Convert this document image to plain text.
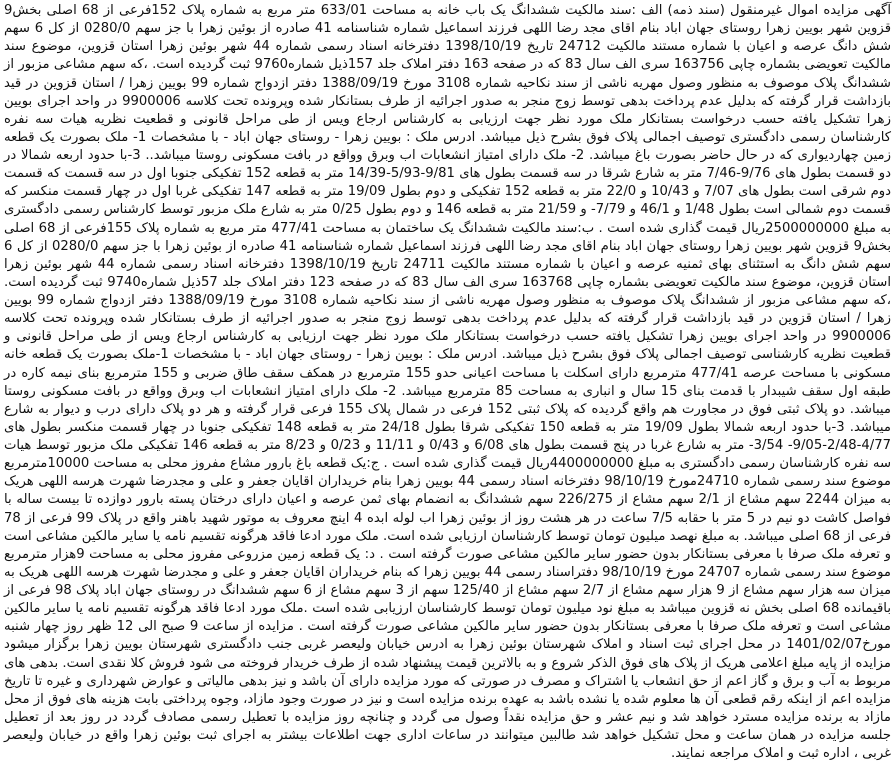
آگهی مزایده اموال غیرمنقول (سند ذمه) الف :سند مالکیت ششدانگ یک باب خانه به مساحت 633/01 متر مربع به شماره پلاک 152فرعی از 68 اصلی بخش9 قزوین شهر بویین زهرا روستای جهان اباد بنام اقای مجد رضا اللهی فرزند اسماعیل شماره شناسنامه 41 صادره از بوئین زهرا با جز سهم 0280/0 از کل 6 سهم شش دانگ عرصه و اعیان با شماره مستند مالکیت 24712 تاریخ 1398/10/19 دفترخانه اسناد رسمی شماره 44 شهر بوئین زهرا استان قزوین، موضوع سند مالکیت تعویضی بشماره چاپی 163756 سری الف سال 83 که در صفحه 163 دفتر املاک جلد 157ذیل شماره9760 ثبت گردیده است. ،که سهم مشاعی مزبور از ششدانگ پلاک موصوف به منظور وصول مهریه ناشی از سند نکاحیه شماره 3108 مورخ 1388/09/19 دفتر ازدواج شماره 99 بویین زهرا / استان قزوین در قید بازداشت قرار گرفته که بدلیل عدم پرداخت بدهی توسط زوج منجر به صدور اجرائیه از طرف بستانکار شده وپرونده تحت کلاسه 9900006 در واحد اجرای بویین زهرا تشکیل یافته حسب درخواست بستانکار ملک مورد نظر جهت ارزیابی به کارشناس ارجاع ویس از طی مراحل قانونی و قطعیت نظریه هیات سه نفره کارشناسان رسمی دادگستری توصیف اجمالی پلاک فوق بشرح ذیل میباشد. ادرس ملک : بویین زهرا - روستای جهان اباد - با مشخصات 1- ملک بصورت یک قطعه زمین چهاردیواری که در حال حاضر بصورت باغ میباشد. 2- ملک دارای امتیاز انشعابات اب وبرق وواقع در بافت مسکونی روستا میباشد.. 3-با حدود اربعه شمالا در دو قسمت بطول های 9/76-7/46 متر به شارع شرقا در سه قسمت بطول های 9/81-5/93-14/39 متر به قطعه 152 تفکیکی جنوبا اول در سه قسمت که قسمت دوم شرقی است بطول های 7/07 و 10/43 و 22/0 متر به قطعه 152 تفکیکی و دوم بطول 19/09 متر به قطعه 147 تفکیکی غربا اول در چهار قسمت منکسر که قسمت دوم شمالی است بطول 1/48 و 46/1 و 7/79- و 21/59 متر به قطعه 146 و دوم بطول 0/25 متر به شارع ملک مزبور توسط کارشناس رسمی دادگستری به مبلغ 2500000000ریال قیمت گذاری شده است . ب:سند مالکیت ششدانگ یک ساختمان به مساحت 477/41 متر مربع به شماره پلاک 155فرعی از 68 اصلی بخش9 قزوین شهر بویین زهرا روستای جهان اباد بنام اقای مجد رضا اللهی فرزند اسماعیل شماره شناسنامه 41 صادره از بوئین زهرا با جز سهم 0280/0 از کل 6 سهم شش دانگ به استثنای بهای ثمنیه عرصه و اعیان با شماره مستند مالکیت 24711 تاریخ 1398/10/19 دفترخانه اسناد رسمی شماره 44 شهر بوئین زهرا استان قزوین، موضوع سند مالکیت تعویضی بشماره چاپی 163768 سری الف سال 83 که در صفحه 123 دفتر املاک جلد 57ذیل شماره9740 ثبت گردیده است. ،که سهم مشاعی مزبور از ششدانگ پلاک موصوف به منظور وصول مهریه ناشی از سند نکاحیه شماره 3108 مورخ 1388/09/19 دفتر ازدواج شماره 99 بویین زهرا / استان قزوین در قید بازداشت قرار گرفته که بدلیل عدم پرداخت بدهی توسط زوج منجر به صدور اجرائیه از طرف بستانکار شده وپرونده تحت کلاسه 9900006 در واحد اجرای بویین زهرا تشکیل یافته حسب درخواست بستانکار ملک مورد نظر جهت ارزیابی به کارشناس ارجاع ویس از طی مراحل قانونی و قطعیت نظریه کارشناسی توصیف اجمالی پلاک فوق بشرح ذیل میباشد. ادرس ملک : بویین زهرا - روستای جهان اباد - با مشخصات 1-ملک بصورت یک قطعه خانه مسکونی با مساحت عرصه 477/41 مترمربع دارای اسکلت با مساحت اعیانی حدو 155 مترمربع در همکف سقف طاق ضربی و 155 مترمربع بنای نیمه کاره در طبقه اول سقف شیبدار با قدمت بنای 15 سال و انباری به مساحت 85 مترمربع میباشد. 2- ملک دارای امتیاز انشعابات اب وبرق وواقع در بافت مسکونی روستا میباشد. دو پلاک ثبتی فوق در مجاورت هم واقع گردیده که پلاک ثبتی 152 فرعی در شمال پلاک 155 فرعی قرار گرفته و هر دو پلاک دارای درب و دیوار به شارع میباشد. 3-با حدود اربعه شمالا بطول 19/09 متر به قطعه 150 تفکیکی شرقا بطول 24/18 متر به قطعه 148 تفکیکی جنوبا در چهار قسمت منکسر بطول های 4/77-2/48-9/05- 3/54- متر به شارع غربا در پنج قسمت بطول های 6/08 و 0/43 و 11/11 و 0/23 و 8/23 متر به قطعه 146 تفکیکی ملک مزبور توسط هیات سه نفره کارشناسان رسمی دادگستری به مبلغ 4400000000ریال قیمت گذاری شده است . ج:یک قطعه باغ بارور مشاع مفروز محلی به مساحت 10000مترمربع موضوع سند رسمی شماره 24710مورخ 98/10/19 دفترخانه اسناد رسمی 44 بویین زهرا بنام خریداران اقایان جعفر و علی و مجدرضا شهرت هرسه اللهی هریک به میزان 2244 سهم مشاع از 2/1 سهم مشاع از 226/275 سهم ششدانگ به انضمام بهای ثمن عرصه و اعیان دارای درختان پسته بارور دوازده تا بیست ساله با فواصل کاشت دو نیم در 5 متر با حقابه 7/5 ساعت در هر هشت روز از بوئین زهرا اب لوله ابده 4 اینچ معروف به موتور شهید باهنر واقع در پلاک 99 فرعی از 78 فرعی از 68 اصلی میباشد. به مبلغ نهصد میلیون تومان توسط کارشناسان ارزیابی شده است. ملک مورد ادعا فاقد هرگونه تقسیم نامه یا سایر مالکین مشاعی است و تعرفه ملک صرفا با معرفی بستانکار بدون حضور سایر مالکین مشاعی صورت گرفته است . د: یک قطعه زمین مزروعی مفروز محلی به مساحت 9هزار مترمربع موضوع سند رسمی شماره 24707 مورخ 98/10/19 دفتراسناد رسمی 44 بویین زهرا که بنام خریداران اقایان جعفر و علی و مجدرضا شهرت هرسه اللهی هریک به میزان سه هزار سهم مشاع از 9 هزار سهم مشاع از 2/7 سهم مشاع از 125/40 سهم از 3 سهم مشاع از 6 سهم ششدانگ در روستای جهان اباد پلاک 98 فرعی از باقیمانده 68 اصلی بخش نه قزوین میباشد به مبلغ نود میلیون تومان توسط کارشناسان ارزیابی شده است .ملک مورد ادعا فاقد هرگونه تقسیم نامه یا سایر مالکین مشاعی است و تعرفه ملک صرفا با معرفی بستانکار بدون حضور سایر مالکین مشاعی صورت گرفته است . مزایده از ساعت 9 صبح الی 12 ظهر روز چهار شنبه مورخ1401/02/07 در محل اجرای ثبت اسناد و املاک شهرستان بوئین زهرا به ادرس خیابان ولیعصر غربی جنب دادگستری شهرستان بویین زهرا برگزار میشود مزایده از پایه مبلغ اعلامی هریک از پلاک های فوق الذکر شروع و به بالاترین قیمت پیشنهاد شده از طرف خریدار فروخته می شود فروش کلا نقدی است. بدهی های مربوط به آب و برق و گاز اعم از حق انشعاب یا اشتراک و مصرف در صورتی که مورد مزایده دارای آن باشد و نیز بدهی مالیاتی و عوارض شهرداری و غیره تا تاریخ مزایده اعم از اینکه رقم قطعی آن ها معلوم شده یا نشده باشد به عهده برنده مزایده است و نیز در صورت وجود مازاد، وجوه پرداختی بابت هزینه های فوق از محل مازاد به برنده مزایده مسترد خواهد شد و نیم عشر و حق مزایده نقداً وصول می گردد و چنانچه روز مزایده با تعطیل رسمی مصادف گردد در روز بعد از تعطیل جلسه مزایده در همان ساعت و محل تشکیل خواهد شد طالبین میتوانند در ساعات اداری جهت اطلاعات بیشتر به اجرای ثبت بوئین زهرا واقع در خیابان ولیعصر غربی ، اداره ثبت و املاک مراجعه نمایند.
